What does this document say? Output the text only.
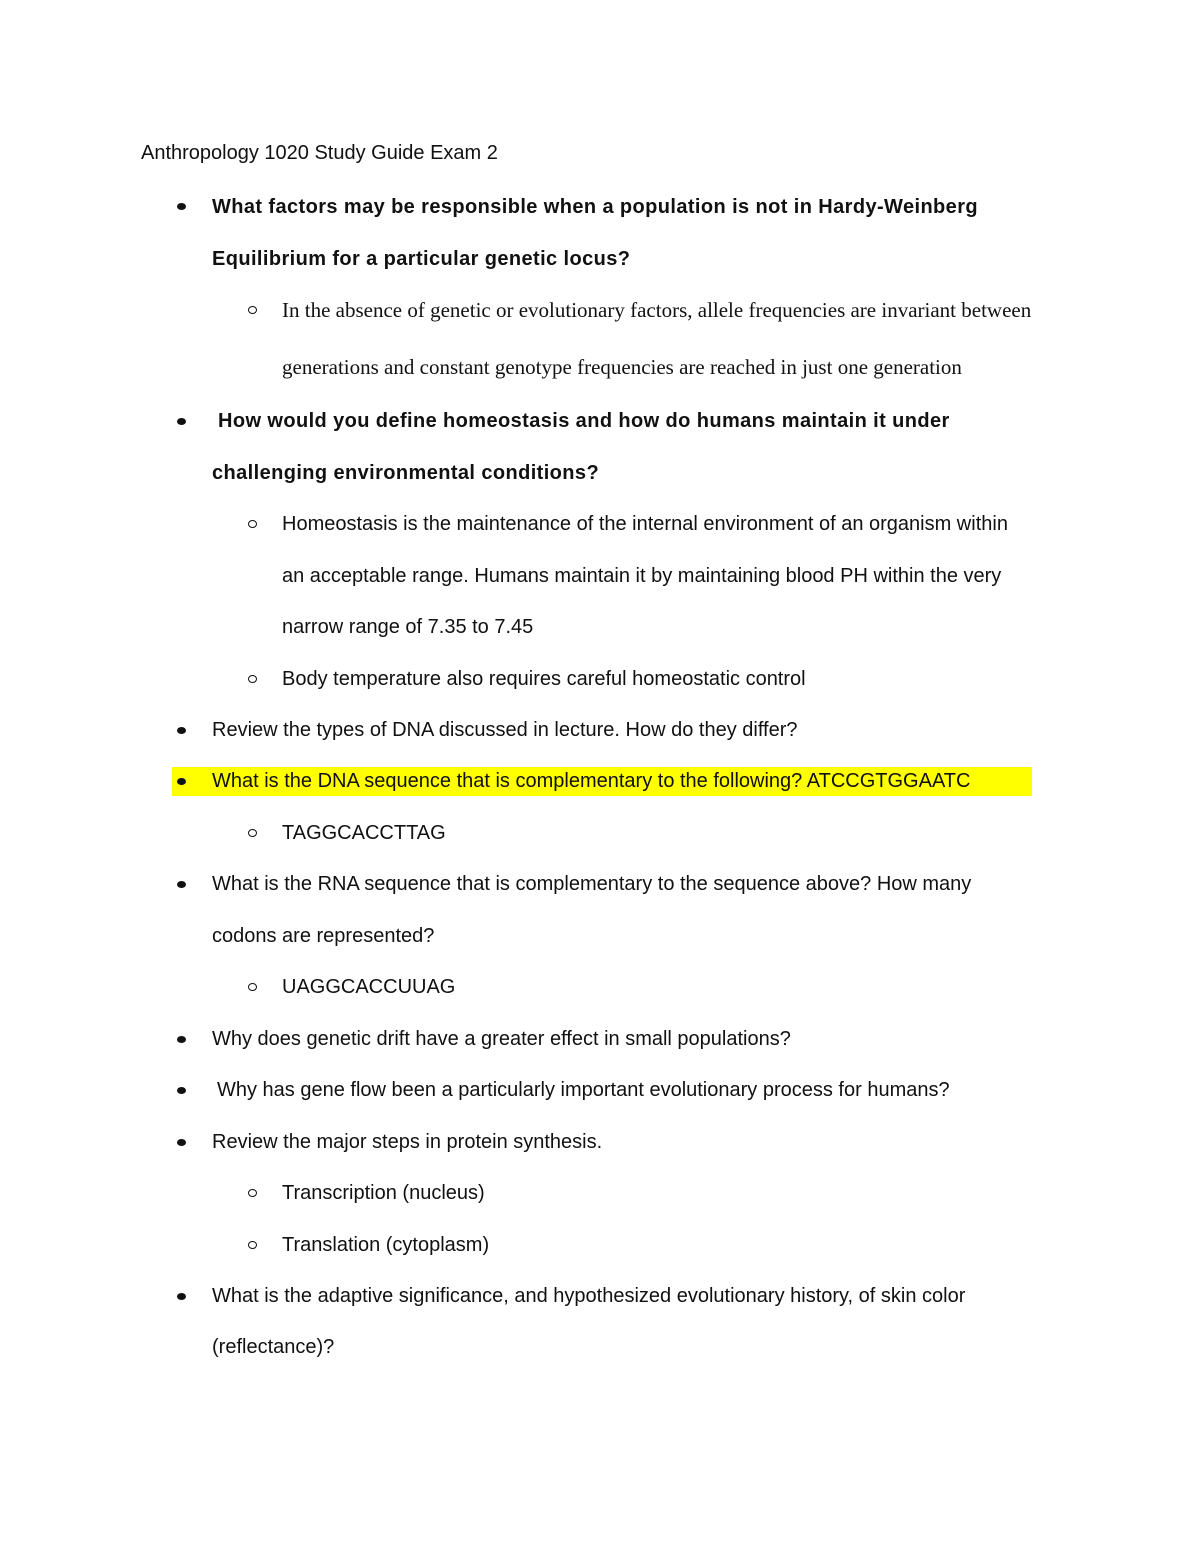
Anthropology 1020 Study Guide Exam 2
What factors may be responsible when a population is not in Hardy-Weinberg
Equilibrium for a particular genetic locus?
In the absence of genetic or evolutionary factors, allele frequencies are invariant between
generations and constant genotype frequencies are reached in just one generation
How would you define homeostasis and how do humans maintain it under
challenging environmental conditions?
Homeostasis is the maintenance of the internal environment of an organism within
an acceptable range. Humans maintain it by maintaining blood PH within the very
narrow range of 7.35 to 7.45
Body temperature also requires careful homeostatic control
Review the types of DNA discussed in lecture. How do they differ?
What is the DNA sequence that is complementary to the following? ATCCGTGGAATC
TAGGCACCTTAG
What is the RNA sequence that is complementary to the sequence above? How many
codons are represented?
UAGGCACCUUAG
Why does genetic drift have a greater effect in small populations?
Why has gene flow been a particularly important evolutionary process for humans?
Review the major steps in protein synthesis.
Transcription (nucleus)
Translation (cytoplasm)
What is the adaptive significance, and hypothesized evolutionary history, of skin color
(reflectance)?
